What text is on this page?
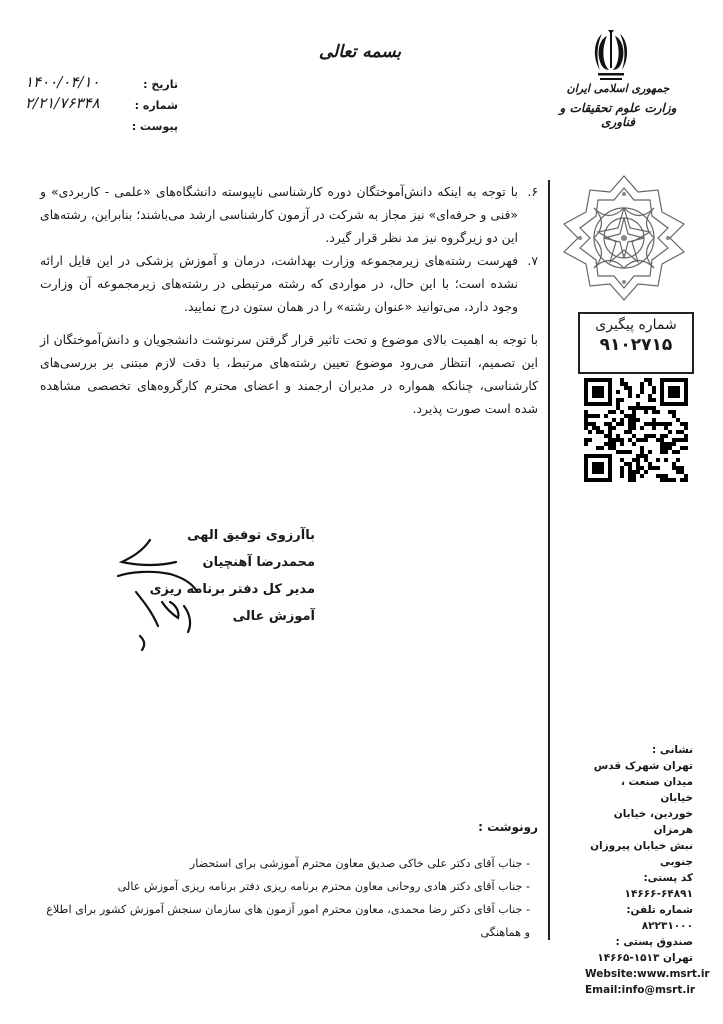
بسمه تعالی
تاریخ :
۱۴۰۰/۰۴/۱۰
شماره :
۲/۲۱/۷۶۳۴۸
پیوست :
جمهوری اسلامی ایران
وزارت علوم تحقیقات و فناوری
۶.
با توجه به اینکه دانش‌آموختگان دوره کارشناسی ناپیوسته دانشگاه‌های «علمی - کاربردی» و «فنی و حرفه‌ای» نیز مجاز به شرکت در آزمون کارشناسی ارشد می‌باشند؛ بنابراین، رشته‌های این دو زیرگروه نیز مد نظر قرار گیرد.
۷.
فهرست رشته‌های زیرمجموعه وزارت بهداشت، درمان و آموزش پزشکی در این فایل ارائه نشده است؛ با این حال، در مواردی که رشته مرتبطی در رشته‌های زیرمجموعه آن وزارت وجود دارد، می‌توانید «عنوان رشته» را در همان ستون درج نمایید.

با توجه به اهمیت بالای موضوع و تحت تاثیر قرار گرفتن سرنوشت دانشجویان و دانش‌آموختگان از این تصمیم، انتظار می‌رود موضوع تعیین رشته‌های مرتبط، با دقت لازم مبتنی بر بررسی‌های کارشناسی، چنانکه همواره در مدیران ارجمند و اعضای محترم کارگروه‌های تخصصی مشاهده شده است صورت پذیرد.

شماره پیگیری
۹۱۰۲۷۱۵
باآرزوی توفیق الهی
محمدرضا آهنچیان
مدیر کل دفتر برنامه ریزی آموزش عالی
نشانی :
تهران شهرک قدس
میدان صنعت ، خیابان
خوردین، خیابان هرمزان
نبش خیابان پیروزان جنوبی
کد پستی: ۶۴۸۹۱-۱۴۶۶۶
شماره تلفن: ۸۲۲۳۱۰۰۰
صندوق پستی :
تهران ۱۵۱۳-۱۴۶۶۵
Website:www.msrt.ir
Email:info@msrt.ir
رونوشت :
- جناب آقای دکتر علی خاکی صدیق معاون محترم آموزشی برای استحضار
- جناب آقای دکتر هادی روحانی معاون محترم برنامه ریزی دفتر برنامه ریزی آموزش عالی
- جناب آقای دکتر رضا محمدی، معاون محترم امور آزمون های سازمان سنجش آموزش کشور برای اطلاع و هماهنگی
